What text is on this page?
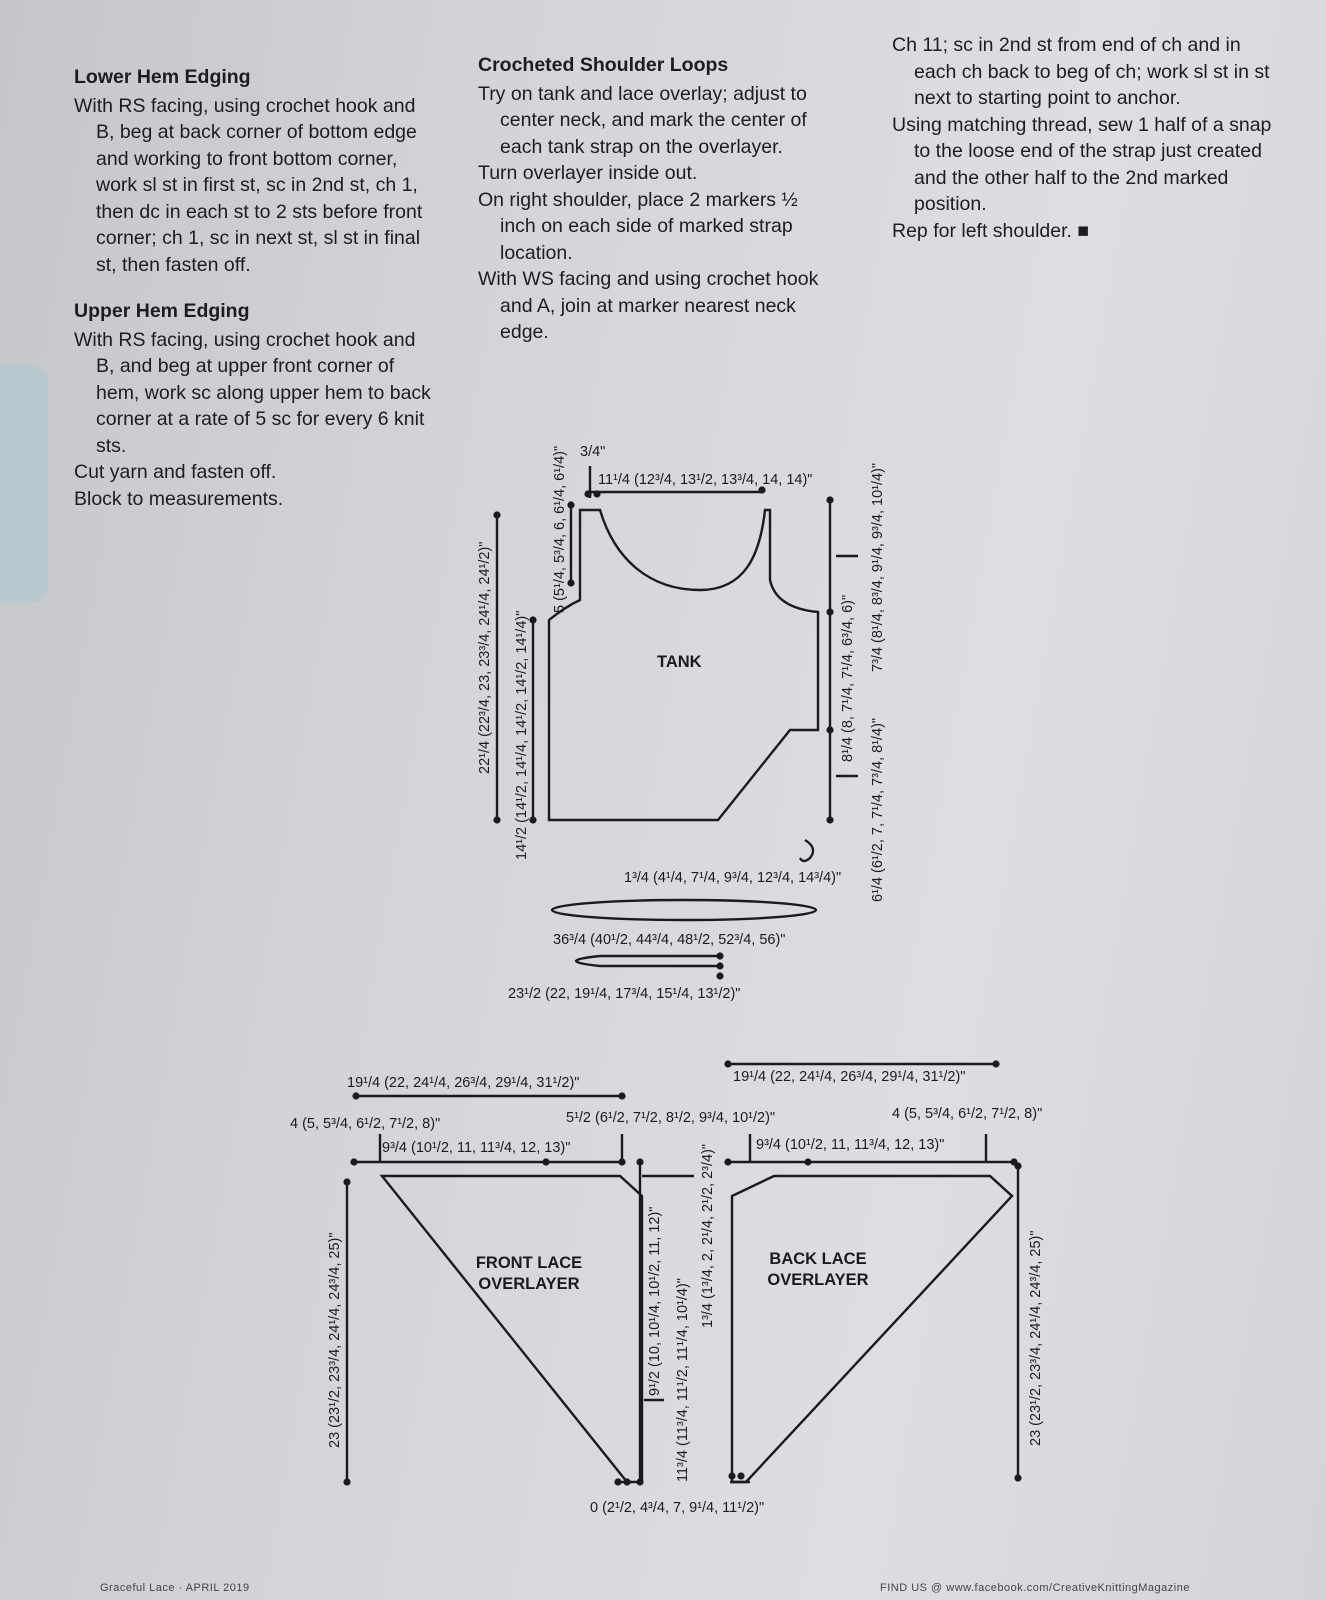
Lower Hem Edging

With RS facing, using crochet hook and B, beg at back corner of bottom edge and working to front bottom corner, work sl st in first st, sc in 2nd st, ch 1, then dc in each st to 2 sts before front corner; ch 1, sc in next st, sl st in final st, then fasten off.

Upper Hem Edging

With RS facing, using crochet hook and B, and beg at upper front corner of hem, work sc along upper hem to back corner at a rate of 5 sc for every 6 knit sts.

Cut yarn and fasten off.

Block to measurements.

Crocheted Shoulder Loops

Try on tank and lace overlay; adjust to center neck, and mark the center of each tank strap on the overlayer.

Turn overlayer inside out.

On right shoulder, place 2 markers ½ inch on each side of marked strap location.

With WS facing and using crochet hook and A, join at marker nearest neck edge.

Ch 11; sc in 2nd st from end of ch and in each ch back to beg of ch; work sl st in st next to starting point to anchor.

Using matching thread, sew 1 half of a snap to the loose end of the strap just created and the other half to the 2nd marked position.

Rep for left shoulder. ■

TANK
3/4"
11¹/4 (12³/4, 13¹/2, 13³/4, 14, 14)"
5 (5¹/4, 5³/4, 6, 6¹/4, 6¹/4)"
22¹/4 (22³/4, 23, 23³/4, 24¹/4, 24¹/2)" 14¹/2 (14¹/2, 14¹/4, 14¹/2, 14¹/2, 14¹/4)"
7³/4 (8¹/4, 8³/4, 9¹/4, 9³/4, 10¹/4)"
8¹/4 (8, 7¹/4, 7¹/4, 6³/4, 6)"
6¹/4 (6¹/2, 7, 7¹/4, 7³/4, 8¹/4)"
1³/4 (4¹/4, 7¹/4, 9³/4, 12³/4, 14³/4)"
36³/4 (40¹/2, 44³/4, 48¹/2, 52³/4, 56)"
23¹/2 (22, 19¹/4, 17³/4, 15¹/4, 13¹/2)"
FRONT LACE
OVERLAYER
19¹/4 (22, 24¹/4, 26³/4, 29¹/4, 31¹/2)"
4 (5, 5³/4, 6¹/2, 7¹/2, 8)"
9³/4 (10¹/2, 11, 11³/4, 12, 13)"
5¹/2 (6¹/2, 7¹/2, 8¹/2, 9³/4, 10¹/2)"
23 (23¹/2, 23³/4, 24¹/4, 24³/4, 25)"	9¹/2 (10, 10¹/4, 10¹/2, 11, 12)" 11³/4 (11³/4, 11¹/2, 11¹/4, 10¹/4)"
1³/4 (1³/4, 2, 2¹/4, 2¹/2, 2³/4)"
0 (2¹/2, 4³/4, 7, 9¹/4, 11¹/2)"
BACK LACE
OVERLAYER
19¹/4 (22, 24¹/4, 26³/4, 29¹/4, 31¹/2)"
4 (5, 5³/4, 6¹/2, 7¹/2, 8)"
9³/4 (10¹/2, 11, 11³/4, 12, 13)"
23 (23¹/2, 23³/4, 24¹/4, 24³/4, 25)"
Graceful Lace · APRIL 2019	FIND US @ www.facebook.com/CreativeKnittingMagazine
